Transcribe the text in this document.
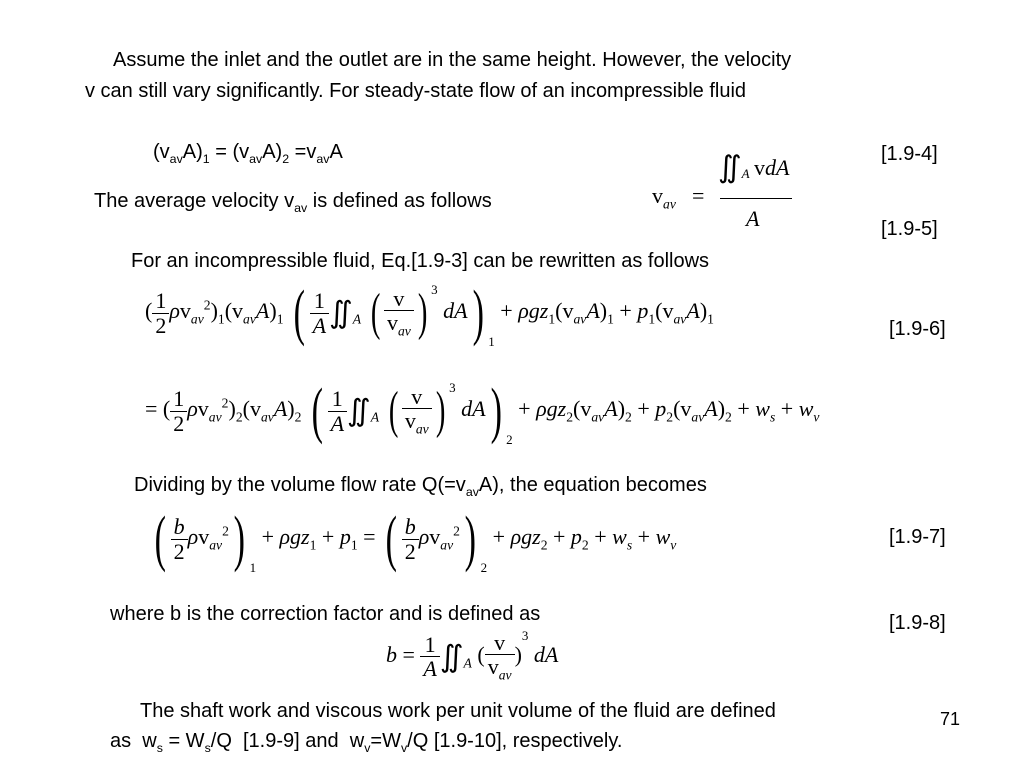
Assume the inlet and the outlet are in the same height. However, the velocity
v can still vary significantly. For steady-state flow of an incompressible fluid
$(v_{av}A)_1 = (v_{av}A)_2 =v_{av}A$	[1.9-4]
The average velocity $v_{av}$ is defined as follows	$v_{av}$ =
$∬_A$ vdA
A	[1.9-5]
For an incompressible fluid, Eq.[1.9-3] can be rewritten as follows
( $\frac{1}{2} \rho v_{av}^2)_1(v_{av}A)_1$ ( $\frac{1}{A}$ $∬_A$ ( $\frac{v}{v_{av}}$ ) $^3$ dA) $_1 + \rho gz_1(v_{av}A)_1 + p_1(v_{av}A)_1$	[1.9-6]
= ( $\frac{1}{2} \rho v_{av}^2)_2(v_{av}A)_2$ ( $\frac{1}{A}$ $∬_A$ ( $\frac{v}{v_{av}}$ ) $^3$ dA) $_2 + \rho gz_2(v_{av}A)_2 + p_2(v_{av}A)_2 + w_s + w_v$
Dividing by the volume flow rate $Q(=v_{av}A)$, the equation becomes
( $\frac{b}{2} \rho v_{av}^2$) $_1 + \rho gz_1 + p_1$ = ( $\frac{b}{2} \rho v_{av}^2$) $_2 + \rho gz_2 + p_2 + w_s + w_v$	[1.9-7]
where b is the correction factor and is defined as	[1.9-8]
$b = \frac{1}{A}$ $∬_A$ ( $\frac{v}{v_{av}} )^3$ dA
The shaft work and viscous work per unit volume of the fluid are defined
as  $w_s = W_s/Q$  [1.9-9] and  $w_v=W_v/Q$ [1.9-10], respectively.
71
